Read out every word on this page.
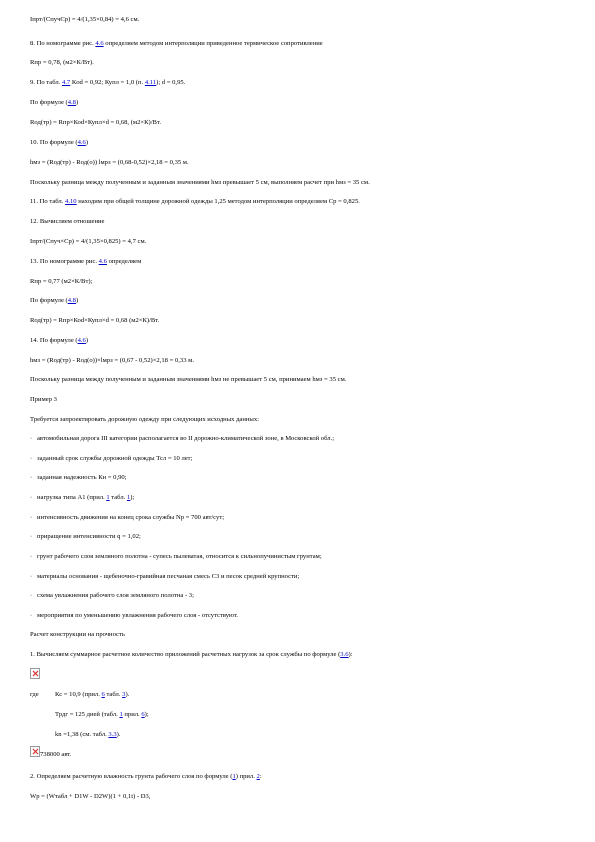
Iпрт/(СпучСр) = 4/(1,35×0,84) = 4,6 см.
8. По номограмме рис. 4.6 определяем методом интерполяции приведенное термическое сопротивление
Rпр = 0,78, (м2×К/Вт).
9. По табл. 4.7 Кod = 0,92; Купл = 1,0 (п. 4.11); d = 0,95.
По формуле (4.8)
Rод(тр) = Rпр×Коd×Купл×d = 0,68, (м2×К)/Вт.
10. По формуле (4.6)
hмз = (Rод(тр) - Rод(о)) lмрз = (0,68-0,52)×2,18 = 0,35 м.
Поскольку разница между полученным и заданным значениями hмз превышает 5 см, выполняем расчет при hмз = 35 см.
11. По табл. 4.10 находим при общей толщине дорожной одежды 1,25 методом интерполяции определяем Ср = 0,825.
12. Вычисляем отношение
Iпрт/(Спуч×Ср) = 4/(1,35×0,825) = 4,7 см.
13. По номограмме рис. 4.6 определяем
Rпр = 0,77 (м2×К/Вт);
По формуле (4.8)
Rод(тр) = Rпр×Коd×Купл×d = 0,68 (м2×К)/Вт.
14. По формуле (4.6)
hмз = (Rод(тр) - Rод(о))×lмрз = (0,67 - 0,52)×2,18 = 0,33 м.
Поскольку разница между полученным и заданным значениями hмз не превышает 5 см, принимаем hмз = 35 см.
Пример 3
Требуется запроектировать дорожную одежду при следующих исходных данных:
· автомобильная дорога III категории располагается во II дорожно-климатической зоне, в Московской обл.;
· заданный срок службы дорожной одежды Тсл = 10 лет;
· заданная надежность Кн = 0,90;
· нагрузка типа А1 (прил. 1 табл. 1);
· интенсивность движения на конец срока службы Np = 700 авт/сут;
· приращение интенсивности q = 1,02;
· грунт рабочего слоя земляного полотна - супесь пылеватая, относится к сильнопучинистым грунтам;
· материалы основания - щебеночно-гравийная песчаная смесь С3 и песок средней крупности;
· схема увлажнения рабочего слоя земляного полотна - 3;
· мероприятия по уменьшению увлажнения рабочего слоя - отсутствуют.
Расчет конструкции на прочность
1. Вычисляем суммарное расчетное количество приложений расчетных нагрузок за срок службы по формуле (3.6):
где	Кс = 10,9 (прил. 6 табл. 3).
Трдг = 125 дней (табл. 1 прил. 6);
kn =1,38 (см. табл. 3.3).
738000 авт.
2. Определяем расчетную влажность грунта рабочего слоя по формуле (1) прил. 2:
Wp = (Wтабл + D1W - D2W)(1 + 0,1t) - D3,
